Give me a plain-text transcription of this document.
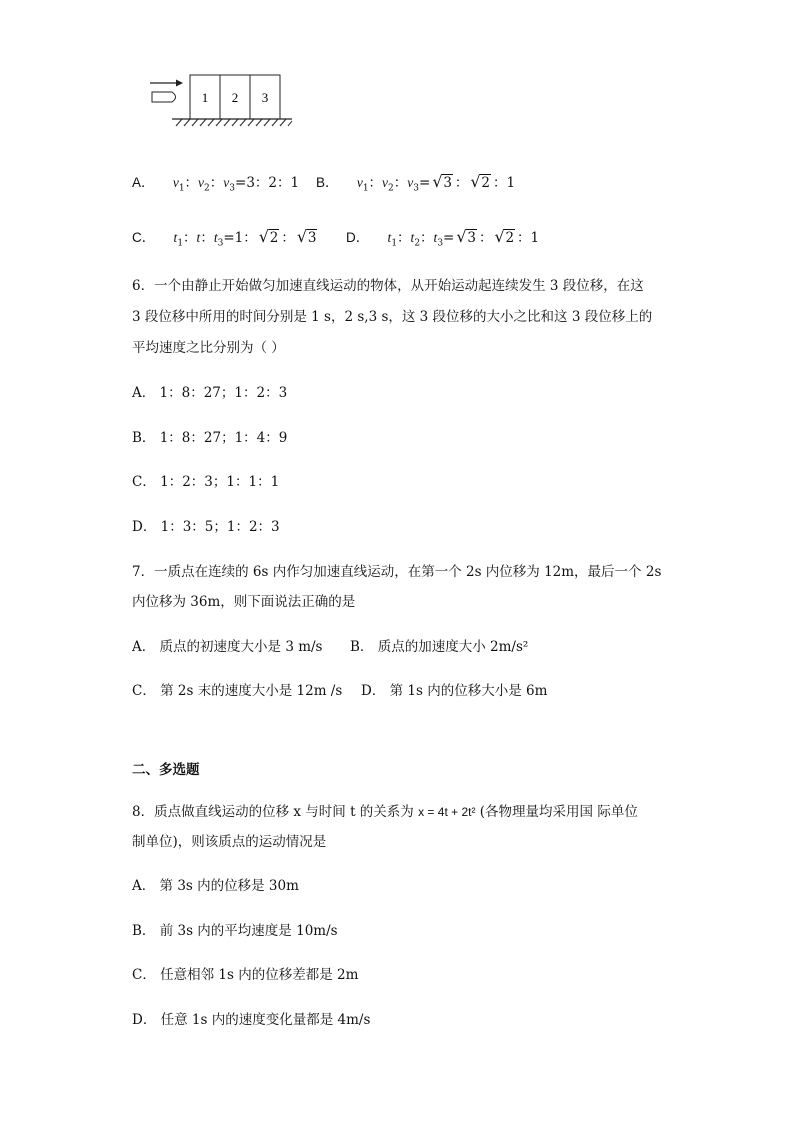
1 2 3
A． $v_1$：$v_2$：$v_3=3$：2：1 B． $v_1$：$v_2$：$v_3=√$ 3 ：√ 2 ：1
C． $t_1$：t：$t_3=1$：√ 2 ：√ 3 D． $t_1$：$t_2$：$t_3=√$ 3 ：√ 2 ：1
6．一个由静止开始做匀加速直线运动的物体，从开始运动起连续发生 3 段位移，在这
3 段位移中所用的时间分别是 1 s，2 s,3 s，这 3 段位移的大小之比和这 3 段位移上的
平均速度之比分别为（ ）
A． 1：8：27；1：2：3
B． 1：8：27；1：4：9
C． 1：2：3；1：1：1
D． 1：3：5；1：2：3
7．一质点在连续的 6s 内作匀加速直线运动，在第一个 2s 内位移为 12m，最后一个 2s
内位移为 36m，则下面说法正确的是
A． 质点的初速度大小是 3 m/s B． 质点的加速度大小 2m/s²
C． 第 2s 末的速度大小是 12m /s D． 第 1s 内的位移大小是 6m
二、多选题
8．质点做直线运动的位移 x 与时间 t 的关系为 x = 4t + 2t² (各物理量均采用国 际单位
制单位)，则该质点的运动情况是
A． 第 3s 内的位移是 30m
B． 前 3s 内的平均速度是 10m/s
C． 任意相邻 1s 内的位移差都是 2m
D． 任意 1s 内的速度变化量都是 4m/s
